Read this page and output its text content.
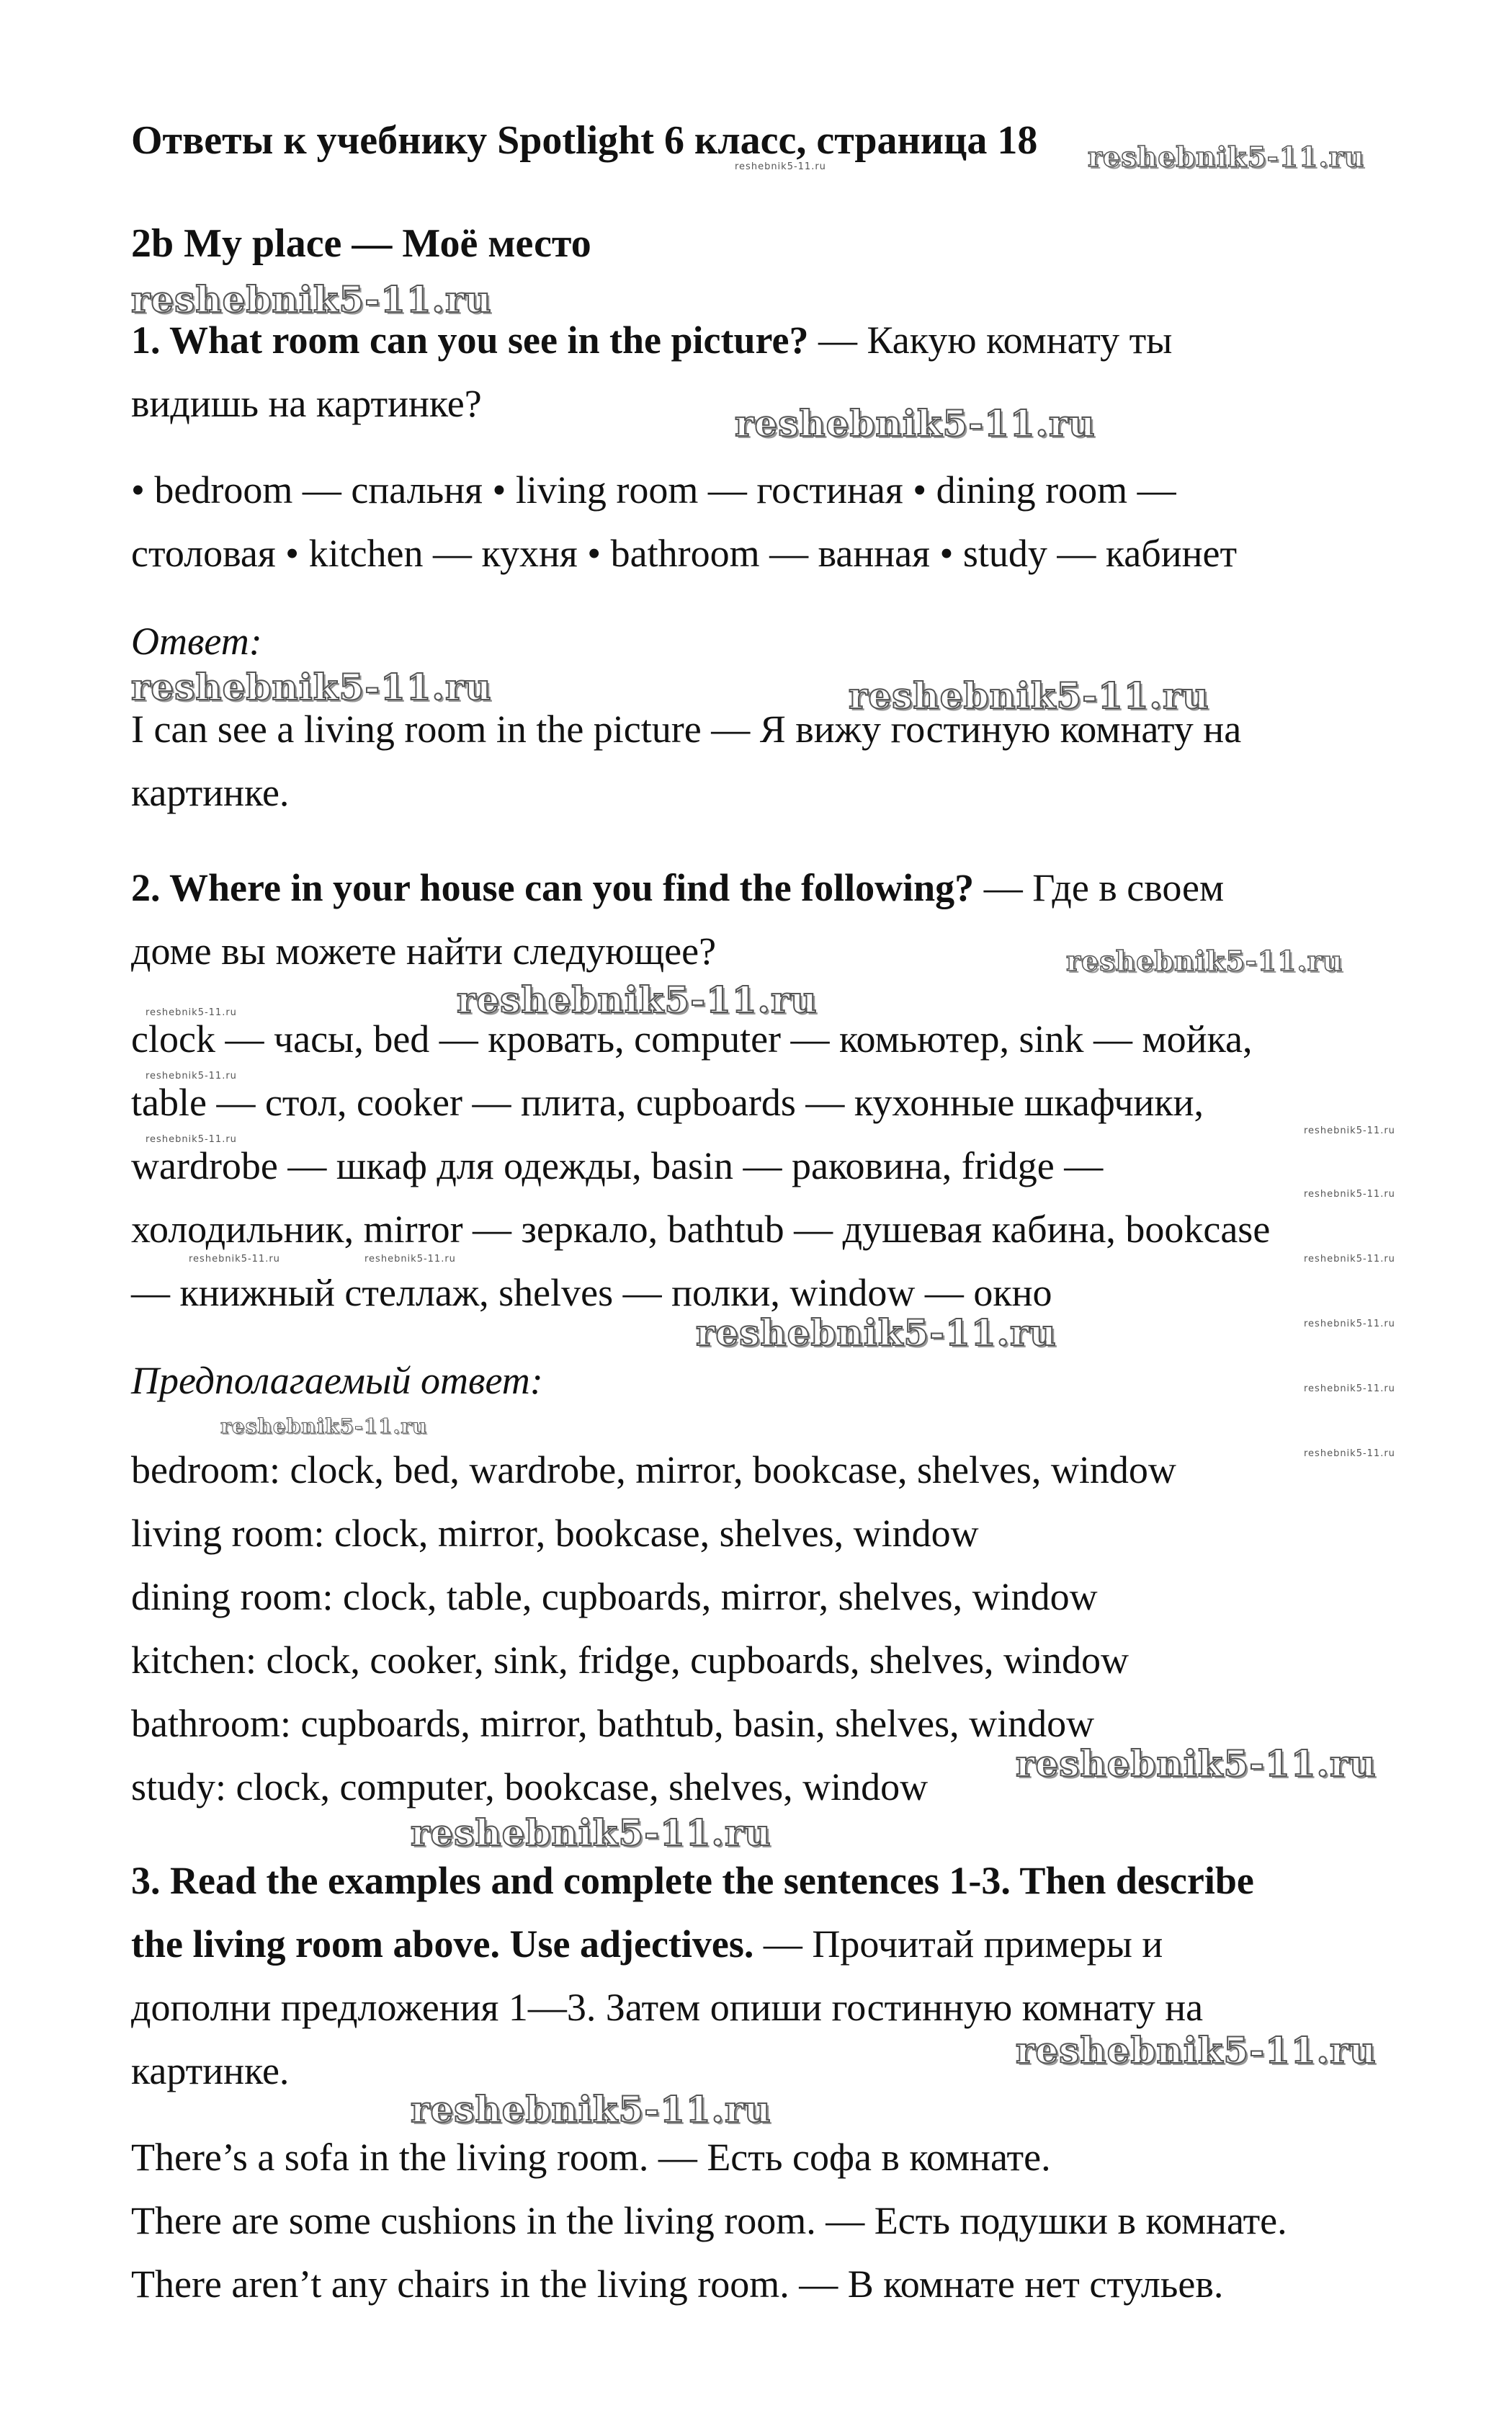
Ответы к учебнику Spotlight 6 класс, страница 18
2b My place — Моё место
1. What room can you see in the picture? — Какую комнату ты
видишь на картинке?
• bedroom — спальня • living room — гостиная • dining room —
столовая • kitchen — кухня • bathroom — ванная • study — кабинет
Ответ:
I can see a living room in the picture — Я вижу гостиную комнату на
картинке.
2. Where in your house can you find the following? — Где в своем
доме вы можете найти следующее?
clock — часы, bed — кровать, computer — комьютер, sink — мойка,
table — стол, cooker — плита, cupboards — кухонные шкафчики,
wardrobe — шкаф для одежды, basin — раковина, fridge —
холодильник, mirror — зеркало, bathtub — душевая кабина, bookcase
— книжный стеллаж, shelves — полки, window — окно
Предполагаемый ответ:
bedroom: clock, bed, wardrobe, mirror, bookcase, shelves, window
living room: clock, mirror, bookcase, shelves, window
dining room: clock, table, cupboards, mirror, shelves, window
kitchen: clock, cooker, sink, fridge, cupboards, shelves, window
bathroom: cupboards, mirror, bathtub, basin, shelves, window
study: clock, computer, bookcase, shelves, window
3. Read the examples and complete the sentences 1-3. Then describe
the living room above. Use adjectives. — Прочитай примеры и
дополни предложения 1—3. Затем опиши гостинную комнату на
картинке.
There’s a sofa in the living room. — Есть софа в комнате.
There are some cushions in the living room. — Есть подушки в комнате.
There aren’t any chairs in the living room. — В комнате нет стульев.
reshebnik5-11.ru
reshebnik5-11.ru
reshebnik5-11.ru
reshebnik5-11.ru
reshebnik5-11.ru	reshebnik5-11.ru
reshebnik5-11.ru
reshebnik5-11.ru
reshebnik5-11.ru
reshebnik5-11.ru
reshebnik5-11.ru
reshebnik5-11.ru
reshebnik5-11.ru
reshebnik5-11.ru
reshebnik5-11.ru	reshebnik5-11.ru
reshebnik5-11.ru	reshebnik5-11.ru
reshebnik5-11.ru
reshebnik5-11.ru
reshebnik5-11.ru
reshebnik5-11.ru
reshebnik5-11.ru
reshebnik5-11.ru
reshebnik5-11.ru
